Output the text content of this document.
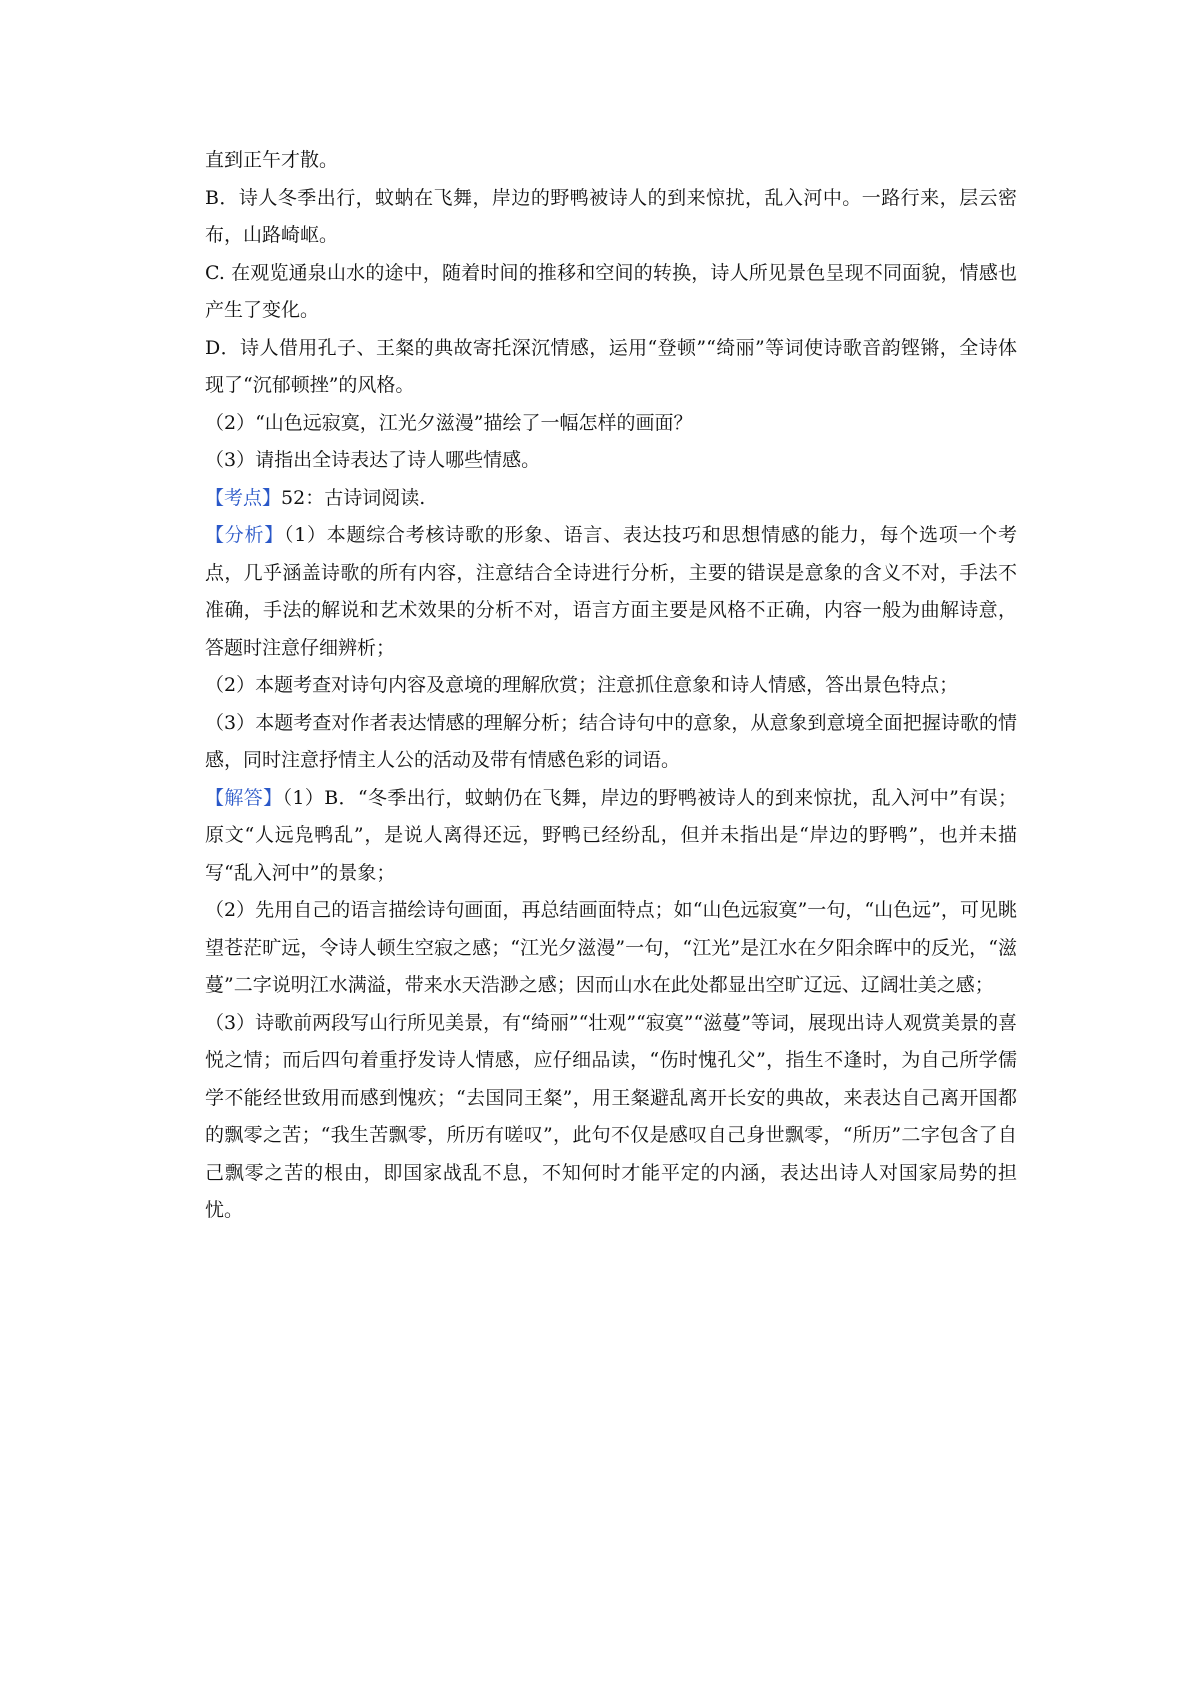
直到正午才散。

B．诗人冬季出行，蚊蚋在飞舞，岸边的野鸭被诗人的到来惊扰，乱入河中。一路行来，层云密布，山路崎岖。

C. 在观览通泉山水的途中，随着时间的推移和空间的转换，诗人所见景色呈现不同面貌，情感也产生了变化。

D．诗人借用孔子、王粲的典故寄托深沉情感，运用“登顿”“绮丽”等词使诗歌音韵铿锵，全诗体现了“沉郁顿挫”的风格。

（2）“山色远寂寞，江光夕滋漫”描绘了一幅怎样的画面？

（3）请指出全诗表达了诗人哪些情感。

【考点】52：古诗词阅读.

【分析】（1）本题综合考核诗歌的形象、语言、表达技巧和思想情感的能力，每个选项一个考点，几乎涵盖诗歌的所有内容，注意结合全诗进行分析，主要的错误是意象的含义不对，手法不准确，手法的解说和艺术效果的分析不对，语言方面主要是风格不正确，内容一般为曲解诗意，答题时注意仔细辨析；

（2）本题考查对诗句内容及意境的理解欣赏；注意抓住意象和诗人情感，答出景色特点；

（3）本题考查对作者表达情感的理解分析；结合诗句中的意象，从意象到意境全面把握诗歌的情感，同时注意抒情主人公的活动及带有情感色彩的词语。

【解答】（1）B．“冬季出行，蚊蚋仍在飞舞，岸边的野鸭被诗人的到来惊扰，乱入河中”有误；原文“人远凫鸭乱”，是说人离得还远，野鸭已经纷乱，但并未指出是“岸边的野鸭”，也并未描写“乱入河中”的景象；

（2）先用自己的语言描绘诗句画面，再总结画面特点；如“山色远寂寞”一句，“山色远”，可见眺望苍茫旷远，令诗人顿生空寂之感；“江光夕滋漫”一句，“江光”是江水在夕阳余晖中的反光，“滋蔓”二字说明江水满溢，带来水天浩渺之感；因而山水在此处都显出空旷辽远、辽阔壮美之感；

（3）诗歌前两段写山行所见美景，有“绮丽”“壮观”“寂寞”“滋蔓”等词，展现出诗人观赏美景的喜悦之情；而后四句着重抒发诗人情感，应仔细品读，“伤时愧孔父”，指生不逢时，为自己所学儒学不能经世致用而感到愧疚；“去国同王粲”，用王粲避乱离开长安的典故，来表达自己离开国都的飘零之苦；“我生苦飘零，所历有嗟叹”，此句不仅是感叹自己身世飘零，“所历”二字包含了自己飘零之苦的根由，即国家战乱不息，不知何时才能平定的内涵，表达出诗人对国家局势的担忧。
